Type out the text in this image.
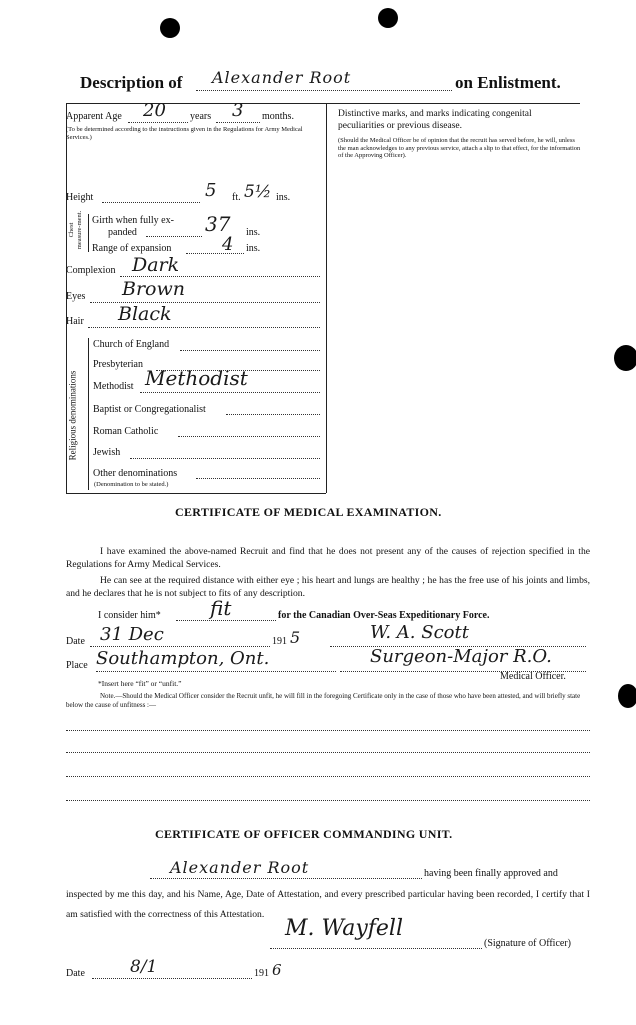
Description of Alexander Root	on Enlistment.
Apparent Age 20 years 3 months.
(To be determined according to the instructions given in the Regulations for Army Medical Services.)
Distinctive marks, and marks indicating congenital peculiarities or previous disease.
(Should the Medical Officer be of opinion that the recruit has served before, he will, unless the man acknowledges to any previous service, attach a slip to that effect, for the information of the Approving Officer).
Height	5 ft. 5½ ins.
Chest measure-ment. Girth when fully ex-
panded	37 ins.
Range of expansion	4 ins.
Complexion Dark
Eyes Brown
Hair Black
Religious denominations
Church of England
Presbyterian
Methodist Methodist
Baptist or Congregationalist
Roman Catholic
Jewish
Other denominations
(Denomination to be stated.)
CERTIFICATE OF MEDICAL EXAMINATION.
I have examined the above-named Recruit and find that he does not present any of the causes of rejection specified in the Regulations for Army Medical Services.
He can see at the required distance with either eye ; his heart and lungs are healthy ; he has the free use of his joints and limbs, and he declares that he is not subject to fits of any description.
I consider him* fit	for the Canadian Over-Seas Expeditionary Force.
Date 31 Dec	191 5	W. A. Scott
Place Southampton, Ont.	Surgeon-Major R.O.
Medical Officer.
*Insert here “fit” or “unfit.”
Note.—Should the Medical Officer consider the Recruit unfit, he will fill in the foregoing Certificate only in the case of those who have been attested, and will briefly state below the cause of unfitness :—
CERTIFICATE OF OFFICER COMMANDING UNIT.
Alexander Root	having been finally approved and
inspected by me this day, and his Name, Age, Date of Attestation, and every prescribed particular having been recorded, I certify that I am satisfied with the correctness of this Attestation.
M. Wayfell
(Signature of Officer)
Date	8/1	191 6
